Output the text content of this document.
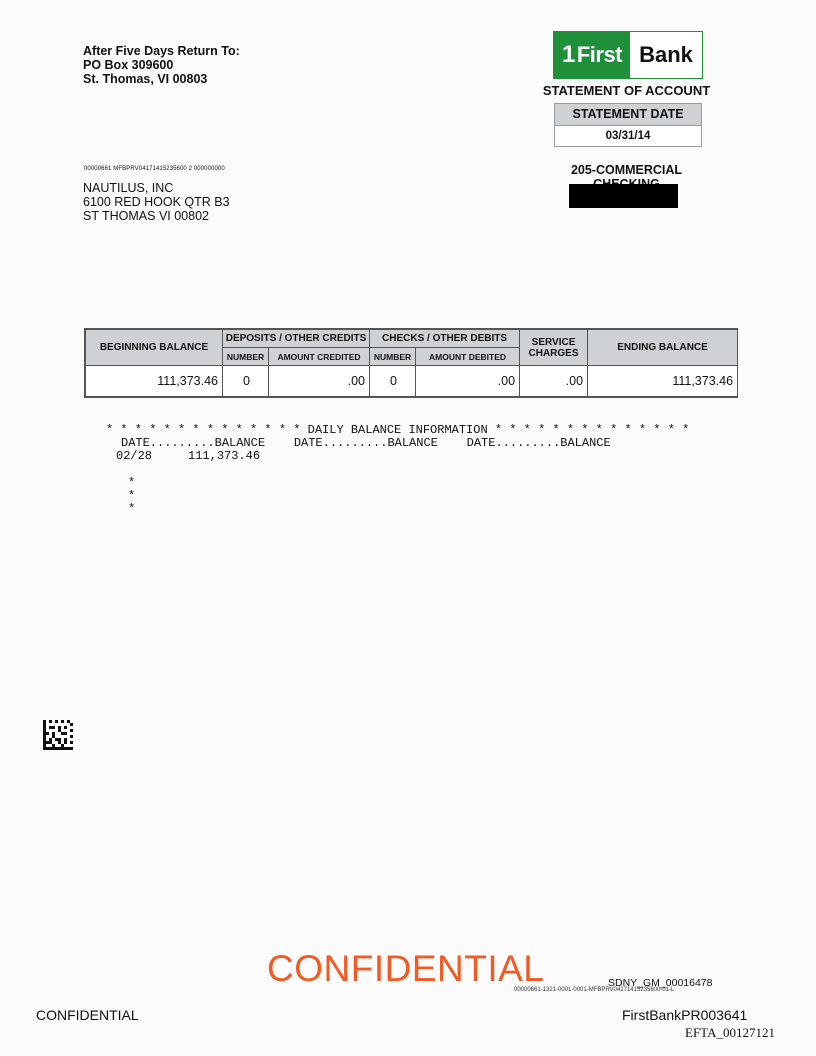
After Five Days Return To:
PO Box 309600
St. Thomas, VI 00803
1 First Bank
STATEMENT OF ACCOUNT
STATEMENT DATE
03/31/14
205-COMMERCIAL
00000661 MFBPRV04171415235600 2 000000000
NAUTILUS, INC
6100 RED HOOK QTR B3
ST THOMAS VI 00802
BEGINNING BALANCE	DEPOSITS / OTHER CREDITS		CHECKS / OTHER DEBITS		SERVICE CHARGES	ENDING BALANCE
	NUMBER	AMOUNT CREDITED	NUMBER	AMOUNT DEBITED		
111,373.46	0	.00	0	.00	.00	111,373.46
* * * * * * * * * * * * * * DAILY BALANCE INFORMATION * * * * * * * * * * * * * *
DATE.........BALANCE    DATE.........BALANCE    DATE.........BALANCE
02/28     111,373.46
*
*
*
CONFIDENTIAL	SDNY_GM_00016478
00000661-1321-0001-0001-MFBPRV04171415235600-01-L
CONFIDENTIAL	FirstBankPR003641
EFTA_00127121
